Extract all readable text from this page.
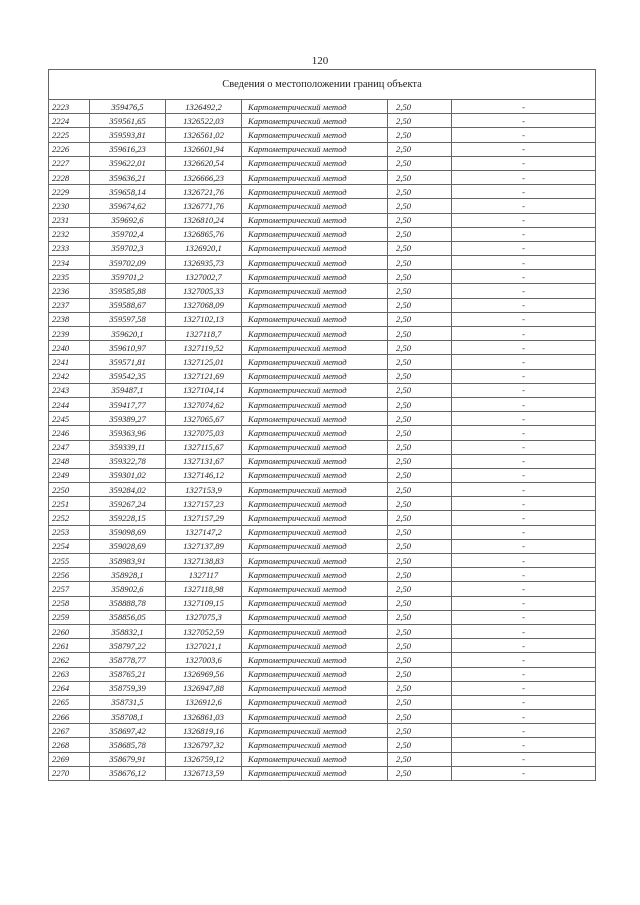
120
Сведения о местоположении границ объекта					
2223	359476,5	1326492,2	Картометрический метод	2,50	-
2224	359561,65	1326522,03	Картометрический метод	2,50	-
2225	359593,81	1326561,02	Картометрический метод	2,50	-
2226	359616,23	1326601,94	Картометрический метод	2,50	-
2227	359622,01	1326620,54	Картометрический метод	2,50	-
2228	359636,21	1326666,23	Картометрический метод	2,50	-
2229	359658,14	1326721,76	Картометрический метод	2,50	-
2230	359674,62	1326771,76	Картометрический метод	2,50	-
2231	359692,6	1326810,24	Картометрический метод	2,50	-
2232	359702,4	1326865,76	Картометрический метод	2,50	-
2233	359702,3	1326920,1	Картометрический метод	2,50	-
2234	359702,09	1326935,73	Картометрический метод	2,50	-
2235	359701,2	1327002,7	Картометрический метод	2,50	-
2236	359585,88	1327005,33	Картометрический метод	2,50	-
2237	359588,67	1327068,09	Картометрический метод	2,50	-
2238	359597,58	1327102,13	Картометрический метод	2,50	-
2239	359620,1	1327118,7	Картометрический метод	2,50	-
2240	359610,97	1327119,52	Картометрический метод	2,50	-
2241	359571,81	1327125,01	Картометрический метод	2,50	-
2242	359542,35	1327121,69	Картометрический метод	2,50	-
2243	359487,1	1327104,14	Картометрический метод	2,50	-
2244	359417,77	1327074,62	Картометрический метод	2,50	-
2245	359389,27	1327065,67	Картометрический метод	2,50	-
2246	359363,96	1327075,03	Картометрический метод	2,50	-
2247	359339,11	1327115,67	Картометрический метод	2,50	-
2248	359322,78	1327131,67	Картометрический метод	2,50	-
2249	359301,02	1327146,12	Картометрический метод	2,50	-
2250	359284,02	1327153,9	Картометрический метод	2,50	-
2251	359267,24	1327157,23	Картометрический метод	2,50	-
2252	359228,15	1327157,29	Картометрический метод	2,50	-
2253	359098,69	1327147,2	Картометрический метод	2,50	-
2254	359028,69	1327137,89	Картометрический метод	2,50	-
2255	358983,91	1327138,83	Картометрический метод	2,50	-
2256	358928,1	1327117	Картометрический метод	2,50	-
2257	358902,6	1327118,98	Картометрический метод	2,50	-
2258	358888,78	1327109,15	Картометрический метод	2,50	-
2259	358856,05	1327075,3	Картометрический метод	2,50	-
2260	358832,1	1327052,59	Картометрический метод	2,50	-
2261	358797,22	1327021,1	Картометрический метод	2,50	-
2262	358778,77	1327003,6	Картометрический метод	2,50	-
2263	358765,21	1326969,56	Картометрический метод	2,50	-
2264	358759,39	1326947,88	Картометрический метод	2,50	-
2265	358731,5	1326912,6	Картометрический метод	2,50	-
2266	358708,1	1326861,03	Картометрический метод	2,50	-
2267	358697,42	1326819,16	Картометрический метод	2,50	-
2268	358685,78	1326797,32	Картометрический метод	2,50	-
2269	358679,91	1326759,12	Картометрический метод	2,50	-
2270	358676,12	1326713,59	Картометрический метод	2,50	-
